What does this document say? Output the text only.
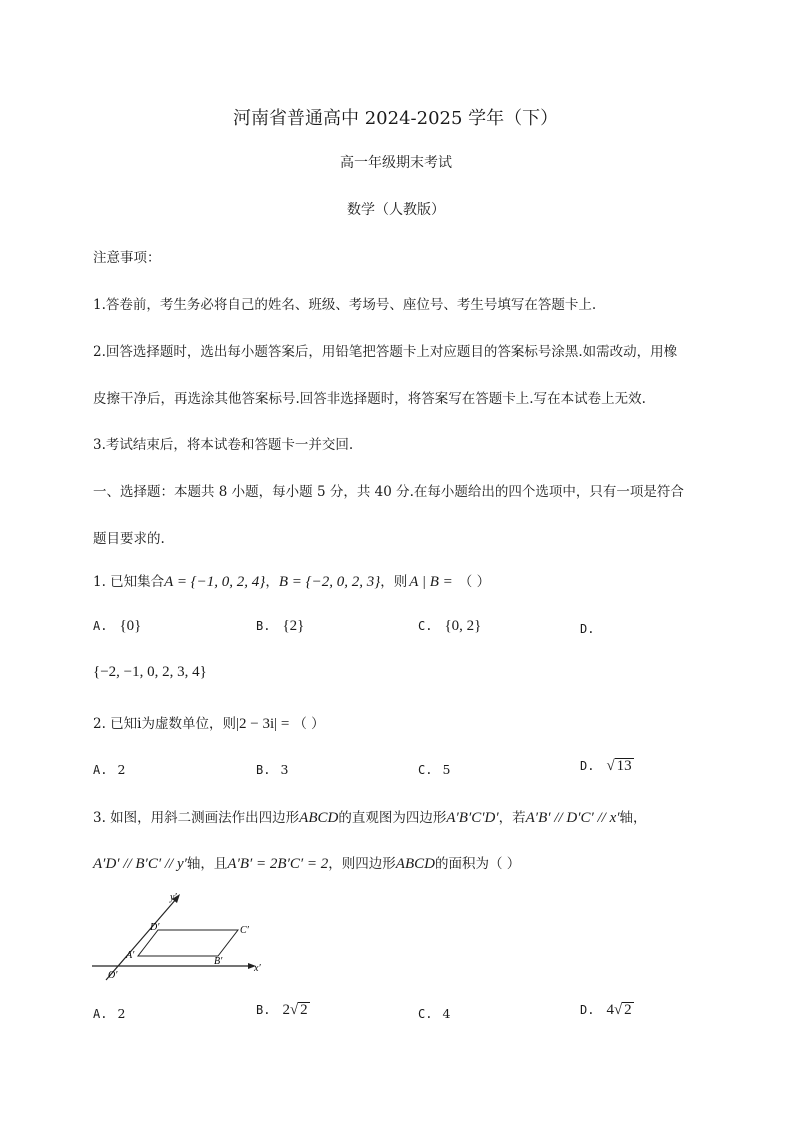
河南省普通高中 2024-2025 学年（下）
高一年级期末考试
数学（人教版）
注意事项：
1.答卷前，考生务必将自己的姓名、班级、考场号、座位号、考生号填写在答题卡上.
2.回答选择题时，选出每小题答案后，用铅笔把答题卡上对应题目的答案标号涂黑.如需改动，用橡
皮擦干净后，再选涂其他答案标号.回答非选择题时，将答案写在答题卡上.写在本试卷上无效.
3.考试结束后，将本试卷和答题卡一并交回.
一、选择题：本题共 8 小题，每小题 5 分，共 40 分.在每小题给出的四个选项中，只有一项是符合
题目要求的.
1. 已知集合A = {−1, 0, 2, 4}，B = {−2, 0, 2, 3}，则 A | B = （ ）
A. {0}	B. {2}	C. {0, 2}	D.
{−2, −1, 0, 2, 3, 4}
2. 已知i为虚数单位，则|2 − 3i| = （ ）
A. 2	B. 3	C. 5	D. √ 13
3. 如图，用斜二测画法作出四边形ABCD的直观图为四边形A′B′C′D′，若A′B′ // D′C′ // x′轴，
A′D′ // B′C′ // y′轴，且A′B′ = 2B′C′ = 2，则四边形ABCD的面积为（ ）
y′
x′
O′
A′
B′
C′
D′
A. 2	B. 2√ 2	C. 4	D. 4√ 2
